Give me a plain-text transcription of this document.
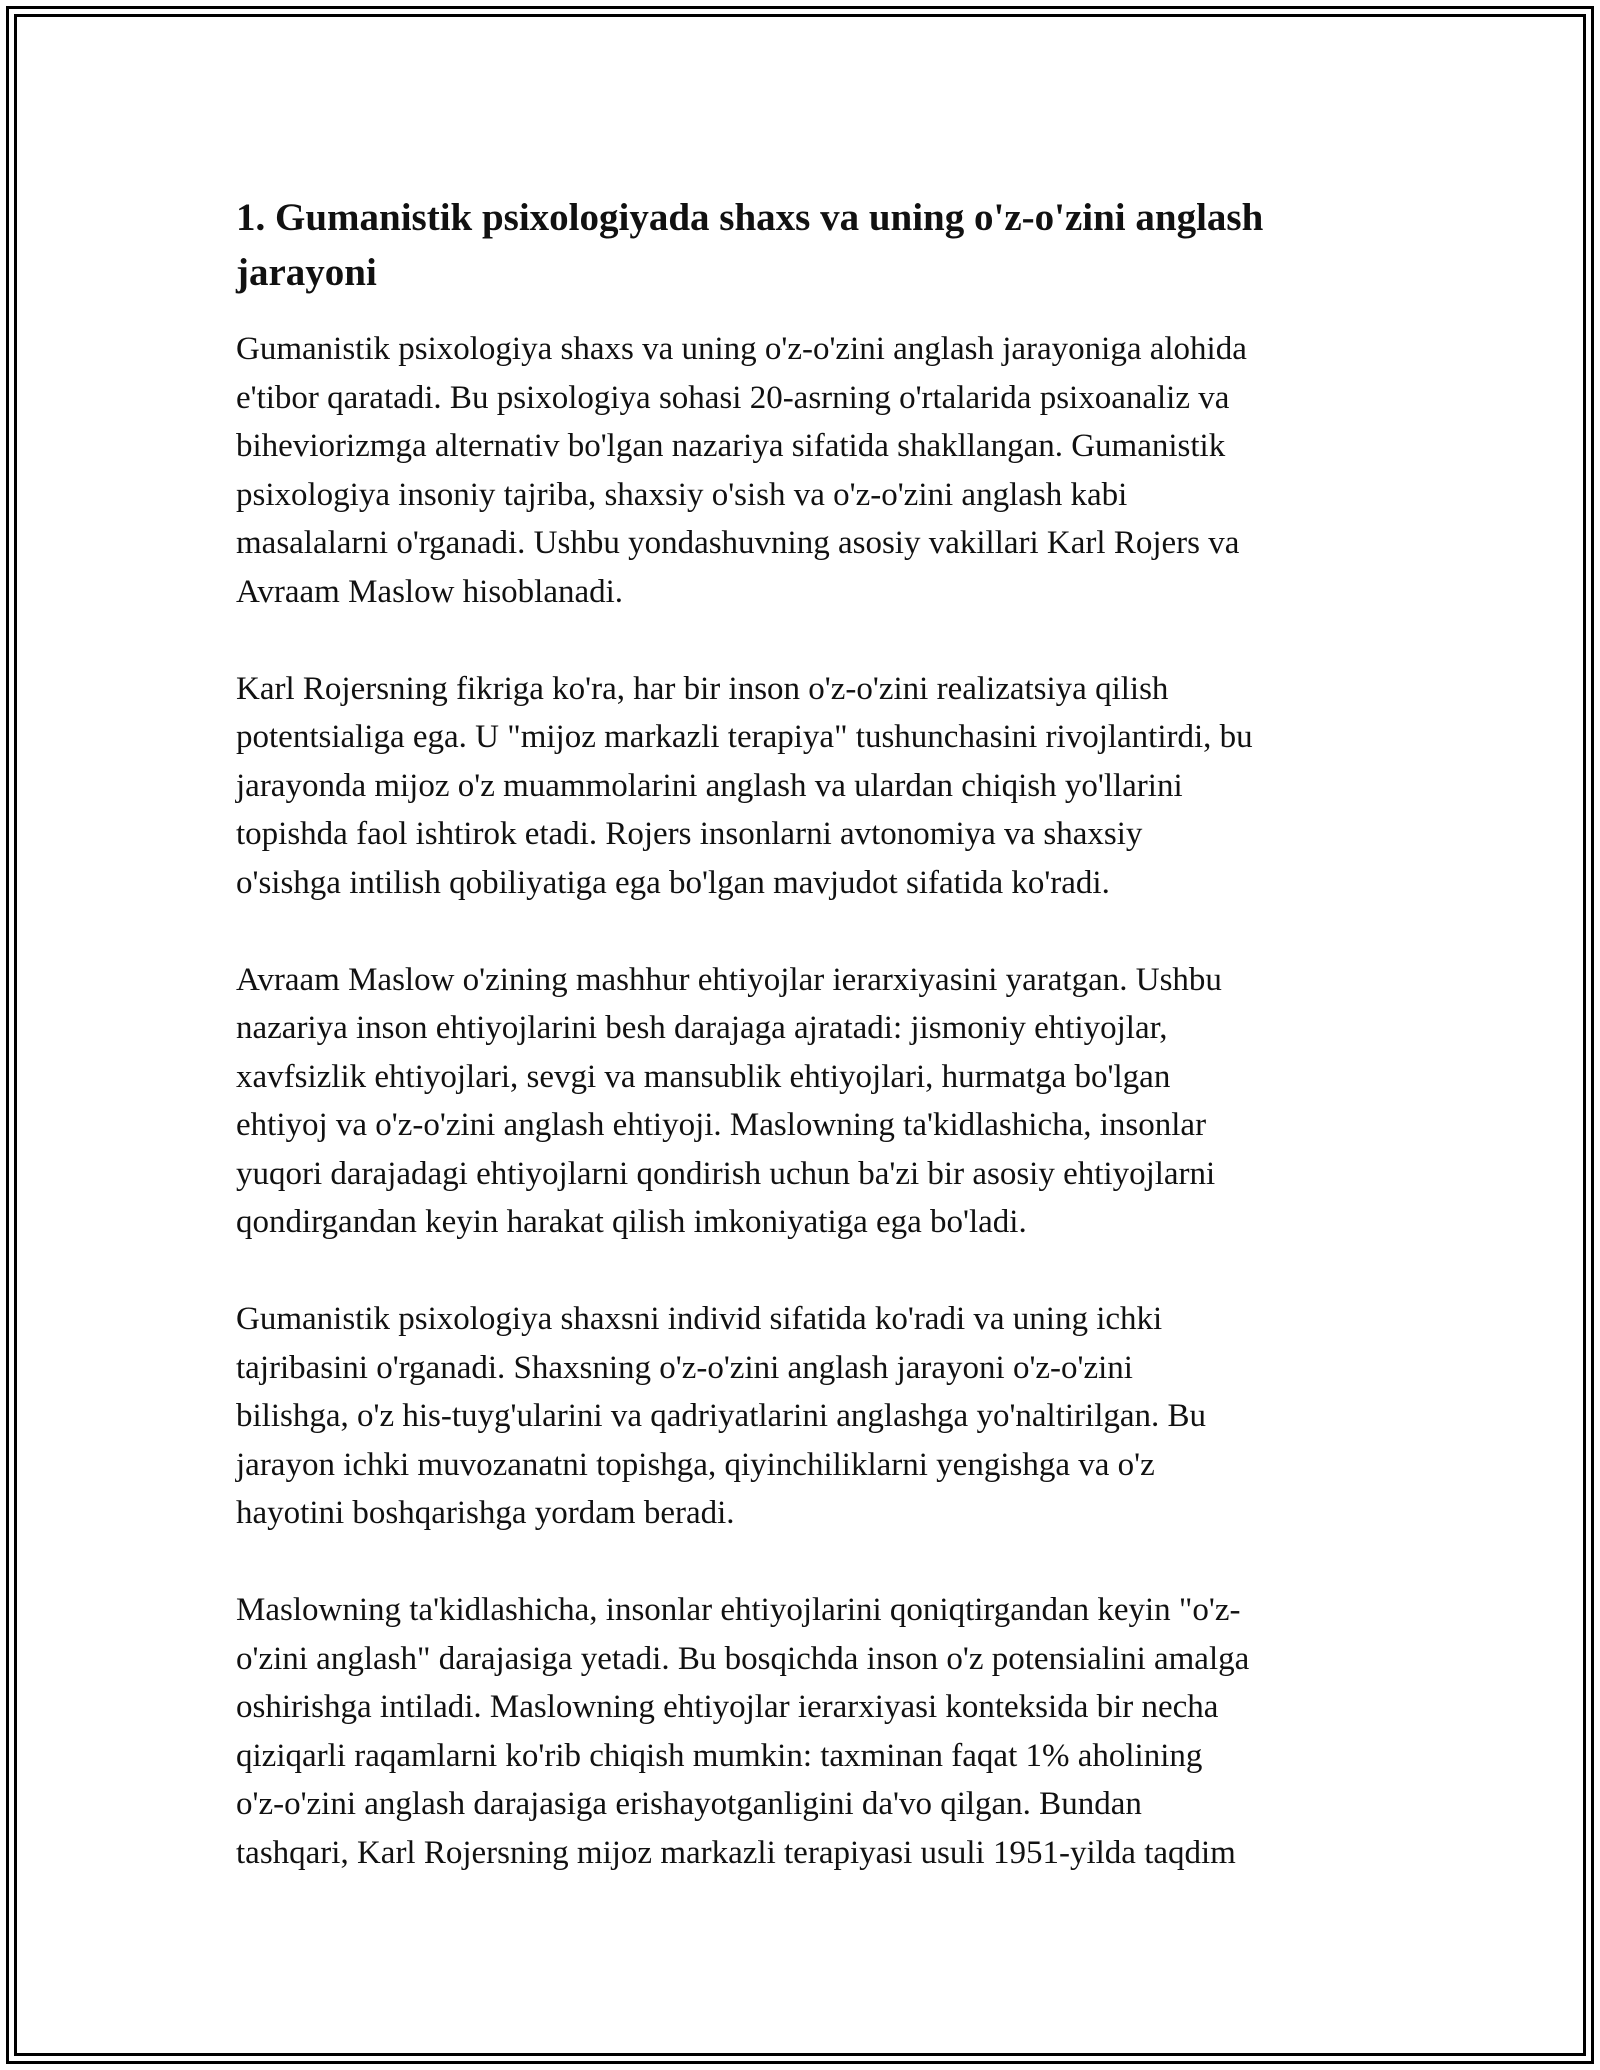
1. Gumanistik psixologiyada shaxs va uning o'z-o'zini anglash jarayoni

Gumanistik psixologiya shaxs va uning o'z-o'zini anglash jarayoniga alohida
e'tibor qaratadi. Bu psixologiya sohasi 20-asrning o'rtalarida psixoanaliz va
biheviorizmga alternativ bo'lgan nazariya sifatida shakllangan. Gumanistik
psixologiya insoniy tajriba, shaxsiy o'sish va o'z-o'zini anglash kabi
masalalarni o'rganadi. Ushbu yondashuvning asosiy vakillari Karl Rojers va
Avraam Maslow hisoblanadi.

Karl Rojersning fikriga ko'ra, har bir inson o'z-o'zini realizatsiya qilish
potentsialiga ega. U "mijoz markazli terapiya" tushunchasini rivojlantirdi, bu
jarayonda mijoz o'z muammolarini anglash va ulardan chiqish yo'llarini
topishda faol ishtirok etadi. Rojers insonlarni avtonomiya va shaxsiy
o'sishga intilish qobiliyatiga ega bo'lgan mavjudot sifatida ko'radi.

Avraam Maslow o'zining mashhur ehtiyojlar ierarxiyasini yaratgan. Ushbu
nazariya inson ehtiyojlarini besh darajaga ajratadi: jismoniy ehtiyojlar,
xavfsizlik ehtiyojlari, sevgi va mansublik ehtiyojlari, hurmatga bo'lgan
ehtiyoj va o'z-o'zini anglash ehtiyoji. Maslowning ta'kidlashicha, insonlar
yuqori darajadagi ehtiyojlarni qondirish uchun ba'zi bir asosiy ehtiyojlarni
qondirgandan keyin harakat qilish imkoniyatiga ega bo'ladi.

Gumanistik psixologiya shaxsni individ sifatida ko'radi va uning ichki
tajribasini o'rganadi. Shaxsning o'z-o'zini anglash jarayoni o'z-o'zini
bilishga, o'z his-tuyg'ularini va qadriyatlarini anglashga yo'naltirilgan. Bu
jarayon ichki muvozanatni topishga, qiyinchiliklarni yengishga va o'z
hayotini boshqarishga yordam beradi.

Maslowning ta'kidlashicha, insonlar ehtiyojlarini qoniqtirgandan keyin "o'z-
o'zini anglash" darajasiga yetadi. Bu bosqichda inson o'z potensialini amalga
oshirishga intiladi. Maslowning ehtiyojlar ierarxiyasi konteksida bir necha
qiziqarli raqamlarni ko'rib chiqish mumkin: taxminan faqat 1% aholining
o'z-o'zini anglash darajasiga erishayotganligini da'vo qilgan. Bundan
tashqari, Karl Rojersning mijoz markazli terapiyasi usuli 1951-yilda taqdim
